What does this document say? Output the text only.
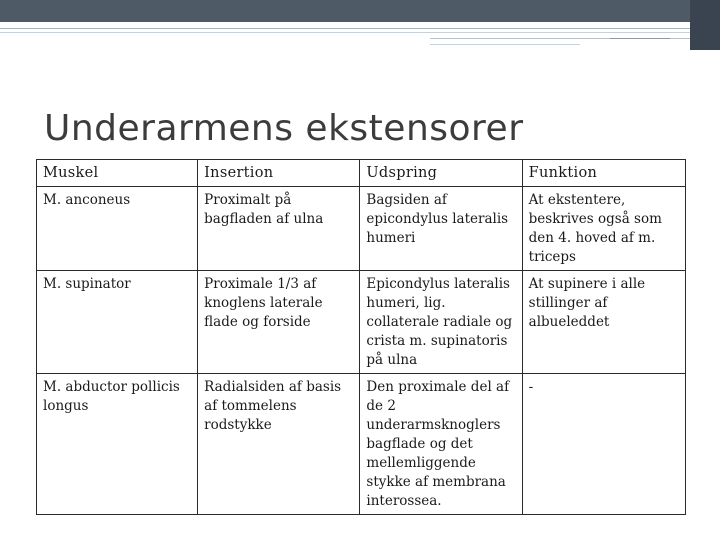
Underarmens ekstensorer
Muskel	Insertion	Udspring	Funktion
M. anconeus	Proximalt på bagfladen af ulna	Bagsiden af epicondylus lateralis humeri	At ekstentere, beskrives også som den 4. hoved af m. triceps
M. supinator	Proximale 1/3 af knoglens laterale flade og forside	Epicondylus lateralis humeri, lig. collaterale radiale og crista m. supinatoris på ulna	At supinere i alle stillinger af albueleddet
M. abductor pollicis longus	Radialsiden af basis af tommelens rodstykke	Den proximale del af de 2 underarmsknoglers bagflade og det mellemliggende stykke af membrana interossea.	-
